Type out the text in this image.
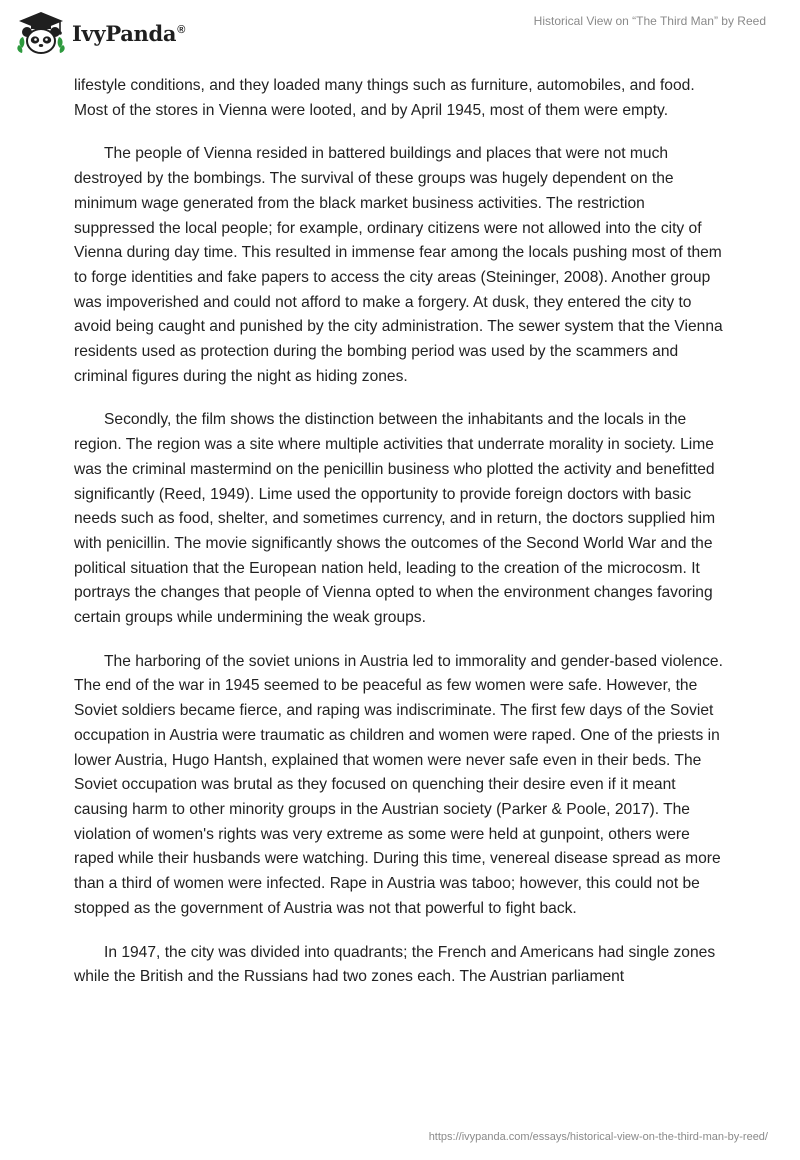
IvyPanda®
Historical View on “The Third Man” by Reed

lifestyle conditions, and they loaded many things such as furniture, automobiles, and food. Most of the stores in Vienna were looted, and by April 1945, most of them were empty.

The people of Vienna resided in battered buildings and places that were not much destroyed by the bombings. The survival of these groups was hugely dependent on the minimum wage generated from the black market business activities. The restriction suppressed the local people; for example, ordinary citizens were not allowed into the city of Vienna during day time. This resulted in immense fear among the locals pushing most of them to forge identities and fake papers to access the city areas (Steininger, 2008). Another group was impoverished and could not afford to make a forgery. At dusk, they entered the city to avoid being caught and punished by the city administration. The sewer system that the Vienna residents used as protection during the bombing period was used by the scammers and criminal figures during the night as hiding zones.

Secondly, the film shows the distinction between the inhabitants and the locals in the region. The region was a site where multiple activities that underrate morality in society. Lime was the criminal mastermind on the penicillin business who plotted the activity and benefitted significantly (Reed, 1949). Lime used the opportunity to provide foreign doctors with basic needs such as food, shelter, and sometimes currency, and in return, the doctors supplied him with penicillin. The movie significantly shows the outcomes of the Second World War and the political situation that the European nation held, leading to the creation of the microcosm. It portrays the changes that people of Vienna opted to when the environment changes favoring certain groups while undermining the weak groups.

The harboring of the soviet unions in Austria led to immorality and gender-based violence. The end of the war in 1945 seemed to be peaceful as few women were safe. However, the Soviet soldiers became fierce, and raping was indiscriminate. The first few days of the Soviet occupation in Austria were traumatic as children and women were raped. One of the priests in lower Austria, Hugo Hantsh, explained that women were never safe even in their beds. The Soviet occupation was brutal as they focused on quenching their desire even if it meant causing harm to other minority groups in the Austrian society (Parker & Poole, 2017). The violation of women's rights was very extreme as some were held at gunpoint, others were raped while their husbands were watching. During this time, venereal disease spread as more than a third of women were infected. Rape in Austria was taboo; however, this could not be stopped as the government of Austria was not that powerful to fight back.

In 1947, the city was divided into quadrants; the French and Americans had single zones while the British and the Russians had two zones each. The Austrian parliament

https://ivypanda.com/essays/historical-view-on-the-third-man-by-reed/
